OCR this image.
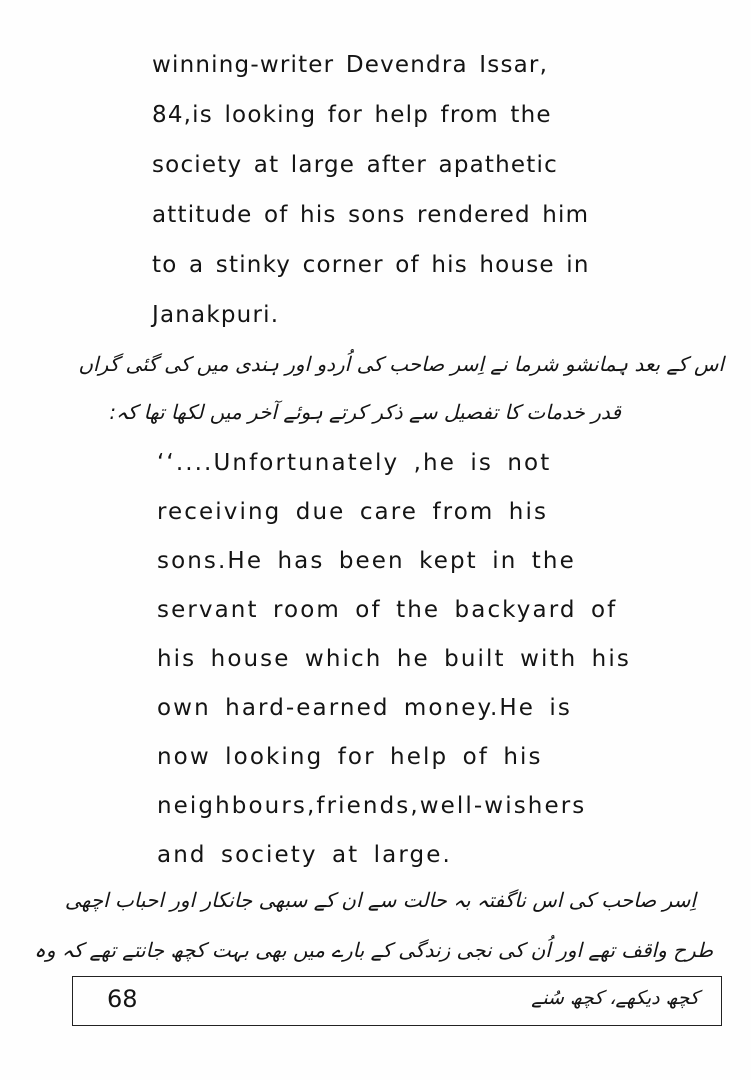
winning-writer Devendra Issar,
84,is looking for help from the
society at large after apathetic
attitude of his sons rendered him
to a stinky corner of his house in
Janakpuri.
اس کے بعد ہمانشو شرما نے اِسر صاحب کی اُردو اور ہندی میں کی گئی گراں
قدر خدمات کا تفصیل سے ذکر کرتے ہوئے آخر میں لکھا تھا کہ:
‘‘....Unfortunately ,he is not
receiving due care from his
sons.He has been kept in the
servant room of the backyard of
his house which he built with his
own hard-earned money.He is
now looking for help of his
neighbours,friends,well-wishers
and society at large.
اِسر صاحب کی اس ناگفتہ بہ حالت سے ان کے سبھی جانکار اور احباب اچھی
طرح واقف تھے اور اُن کی نجی زندگی کے بارے میں بھی بہت کچھ جانتے تھے کہ وہ
68	کچھ دیکھے، کچھ سُنے
